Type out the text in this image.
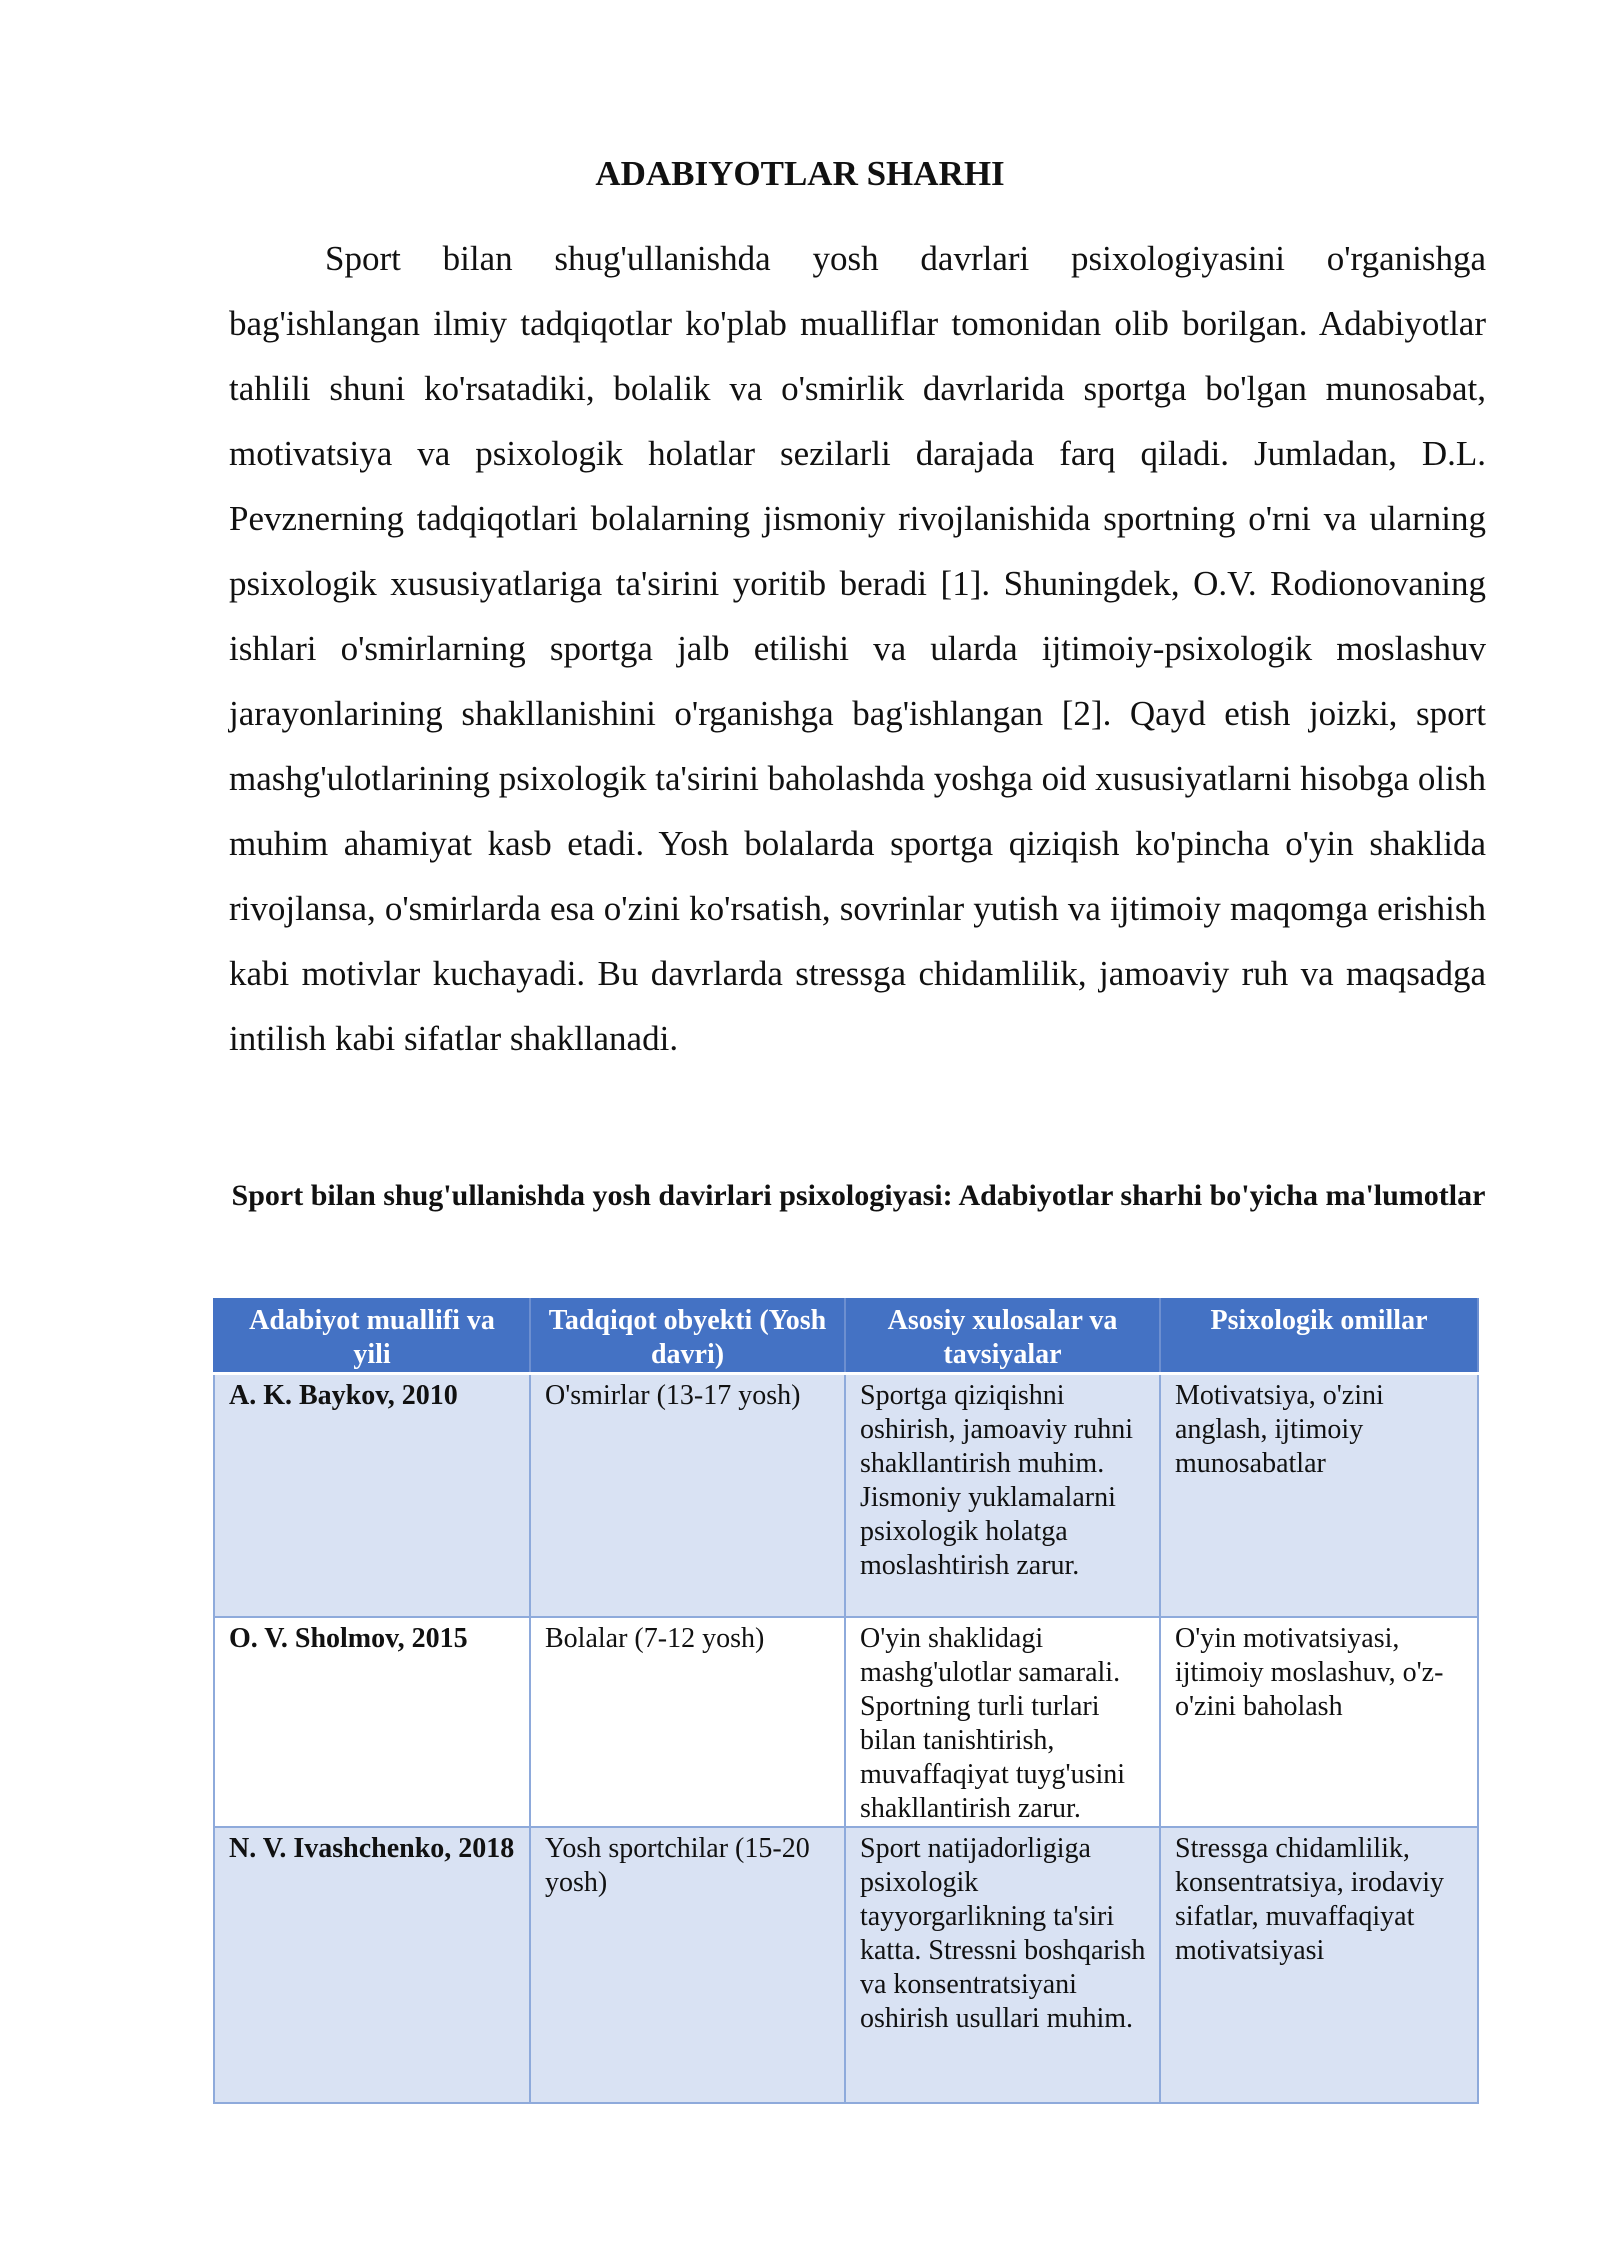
ADABIYOTLAR SHARHI

Sport bilan shug'ullanishda yosh davrlari psixologiyasini o'rganishga bag'ishlangan ilmiy tadqiqotlar ko'plab mualliflar tomonidan olib borilgan. Adabiyotlar tahlili shuni ko'rsatadiki, bolalik va o'smirlik davrlarida sportga bo'lgan munosabat, motivatsiya va psixologik holatlar sezilarli darajada farq qiladi. Jumladan, D.L. Pevznerning tadqiqotlari bolalarning jismoniy rivojlanishida sportning o'rni va ularning psixologik xususiyatlariga ta'sirini yoritib beradi [1]. Shuningdek, O.V. Rodionovaning ishlari o'smirlarning sportga jalb etilishi va ularda ijtimoiy-psixologik moslashuv jarayonlarining shakllanishini o'rganishga bag'ishlangan [2]. Qayd etish joizki, sport mashg'ulotlarining psixologik ta'sirini baholashda yoshga oid xususiyatlarni hisobga olish muhim ahamiyat kasb etadi. Yosh bolalarda sportga qiziqish ko'pincha o'yin shaklida rivojlansa, o'smirlarda esa o'zini ko'rsatish, sovrinlar yutish va ijtimoiy maqomga erishish kabi motivlar kuchayadi. Bu davrlarda stressga chidamlilik, jamoaviy ruh va maqsadga intilish kabi sifatlar shakllanadi.

Sport bilan shug'ullanishda yosh davirlari psixologiyasi: Adabiyotlar sharhi bo'yicha ma'lumotlar

Adabiyot muallifi va yili	Tadqiqot obyekti (Yosh davri)	Asosiy xulosalar va tavsiyalar	Psixologik omillar
A. K. Baykov, 2010	O'smirlar (13-17 yosh)	Sportga qiziqishni oshirish, jamoaviy ruhni shakllantirish muhim. Jismoniy yuklamalarni psixologik holatga moslashtirish zarur.	Motivatsiya, o'zini anglash, ijtimoiy munosabatlar
O. V. Sholmov, 2015	Bolalar (7-12 yosh)	O'yin shaklidagi mashg'ulotlar samarali. Sportning turli turlari bilan tanishtirish, muvaffaqiyat tuyg'usini shakllantirish zarur.	O'yin motivatsiyasi, ijtimoiy moslashuv, o'z-o'zini baholash
N. V. Ivashchenko, 2018	Yosh sportchilar (15-20 yosh)	Sport natijadorligiga psixologik tayyorgarlikning ta'siri katta. Stressni boshqarish va konsentratsiyani oshirish usullari muhim.	Stressga chidamlilik, konsentratsiya, irodaviy sifatlar, muvaffaqiyat motivatsiyasi
